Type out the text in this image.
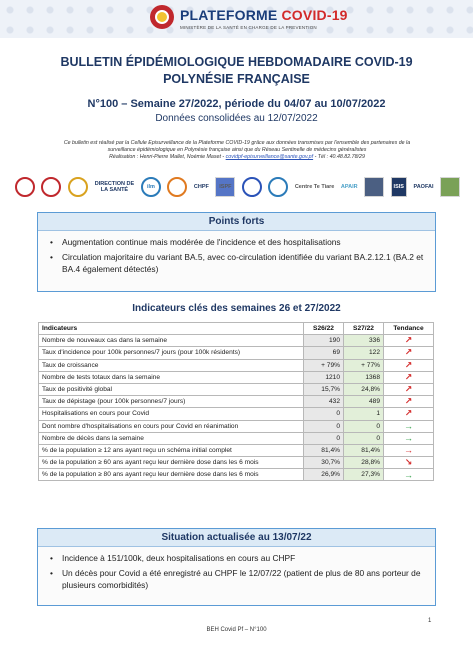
PLATEFORME COVID-19
MINISTÈRE DE LA SANTÉ EN CHARGE DE LA PREVENTION
BULLETIN ÉPIDÉMIOLOGIQUE HEBDOMADAIRE COVID-19
POLYNÉSIE FRANÇAISE
N°100 – Semaine 27/2022, période du 04/07 au 10/07/2022
Données consolidées au 12/07/2022
Ce bulletin est réalisé par la Cellule Episurveillance de la Plateforme COVID-19 grâce aux données transmises par l'ensemble des partenaires de la
surveillance épidémiologique en Polynésie française ainsi que du Réseau Sentinelle de médecins généralistes
Réalisation : Henri-Pierre Mallet, Noémie Maset - covidpf-episurveillance@sante.gov.pf - Tél : 40.48.82.78/29
DIRECTION DE LA SANTÉ	ilm	CHPF	ISPF	Centre Te Tiare APAIR	ISIS	PAOFAI
Points forts
•	Augmentation continue mais modérée de l'incidence et des hospitalisations
•	Circulation majoritaire du variant BA.5, avec co-circulation identifiée du variant BA.2.12.1 (BA.2 et BA.4 également détectés)
Indicateurs clés des semaines 26 et 27/2022
Indicateurs	S26/22	S27/22	Tendance
Nombre de nouveaux cas dans la semaine	190	336	↗
Taux d'incidence pour 100k personnes/7 jours (pour 100k résidents)	69	122	↗
Taux de croissance	+ 79%	+ 77%	↗
Nombre de tests totaux dans la semaine	1210	1368	↗
Taux de positivité global	15,7%	24,8%	↗
Taux de dépistage (pour 100k personnes/7 jours)	432	489	↗
Hospitalisations en cours pour Covid	0	1	↗
Dont nombre d'hospitalisations en cours pour Covid en réanimation	0	0	→
Nombre de décès dans la semaine	0	0	→
% de la population ≥ 12 ans ayant reçu un schéma initial complet	81,4%	81,4%	→
% de la population ≥ 60 ans ayant reçu leur dernière dose dans les 6 mois	30,7%	28,8%	↘
% de la population ≥ 80 ans ayant reçu leur dernière dose dans les 6 mois	26,9%	27,3%	→
Situation actualisée au 13/07/22
•	Incidence à 151/100k, deux hospitalisations en cours au CHPF
•	Un décès pour Covid a été enregistré au CHPF le 12/07/22 (patient de plus de 80 ans porteur de plusieurs comorbidités)
1
BEH Covid Pf – N°100
